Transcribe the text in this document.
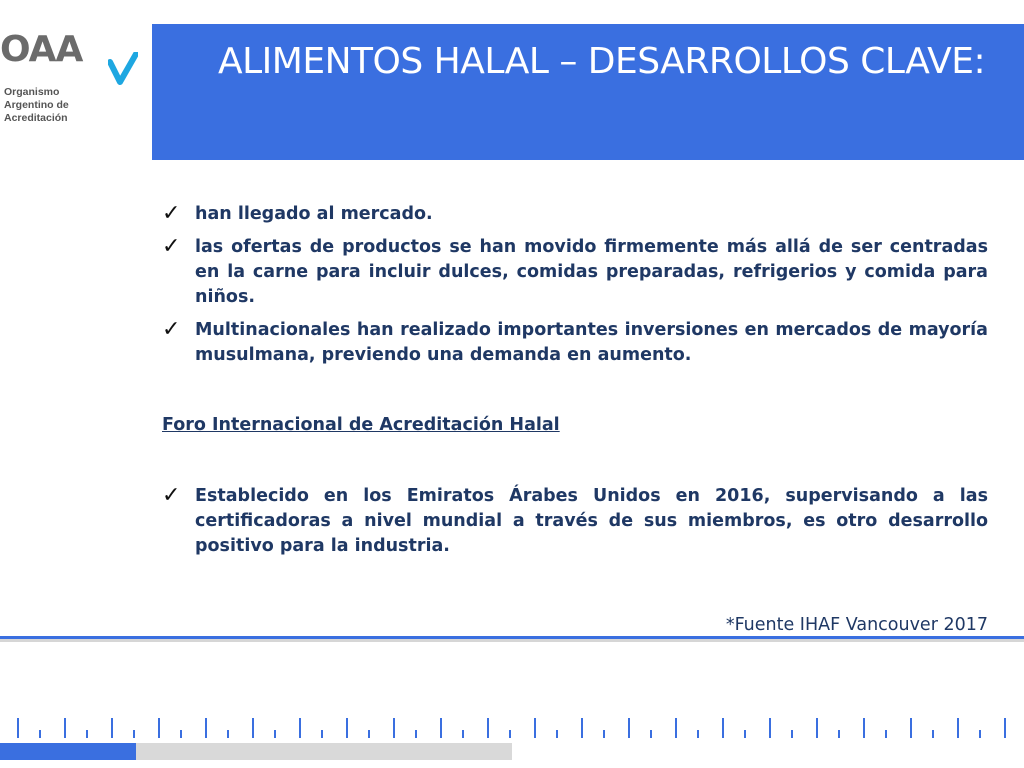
OAA
Organismo
Argentino de
Acreditación
ALIMENTOS HALAL – DESARROLLOS CLAVE:

✓ han llegado al mercado.

✓ las ofertas de productos se han movido firmemente más allá de ser centradas en la carne para incluir dulces, comidas preparadas, refrigerios y comida para niños.

✓ Multinacionales han realizado importantes inversiones en mercados de mayoría musulmana, previendo una demanda en aumento.

Foro Internacional de Acreditación Halal

✓ Establecido en los Emiratos Árabes Unidos en 2016, supervisando a las certificadoras a nivel mundial a través de sus miembros, es otro desarrollo positivo para la industria.

*Fuente IHAF Vancouver 2017
